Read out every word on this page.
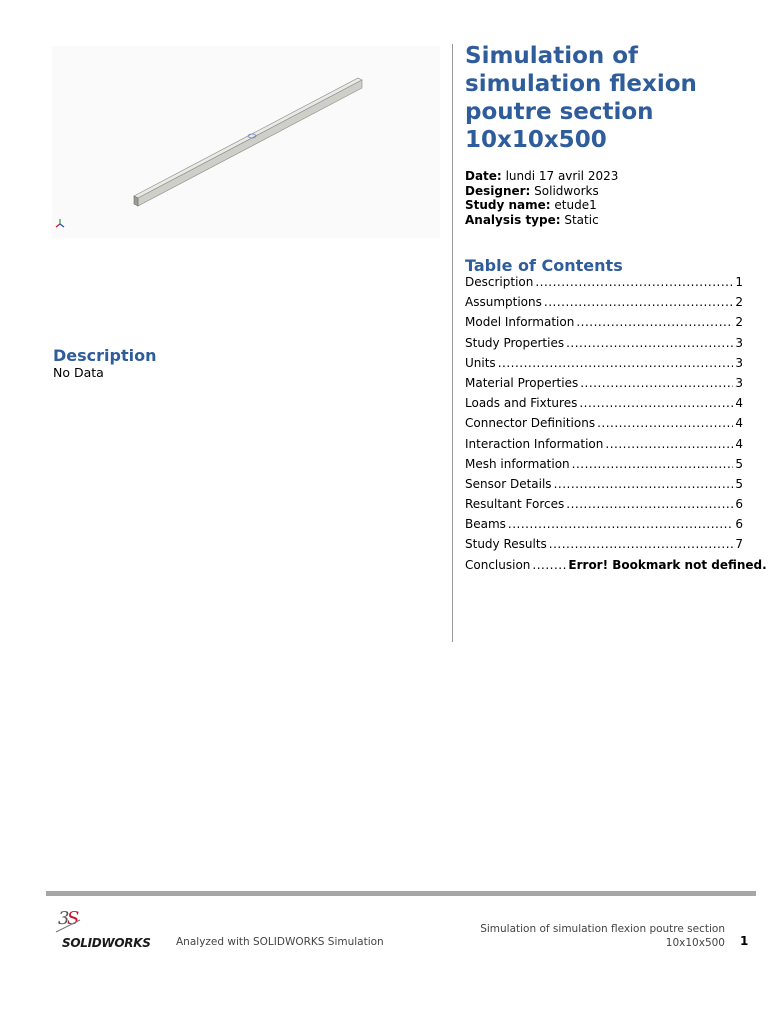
Simulation of simulation flexion poutre section 10x10x500
Date: lundi 17 avril 2023
Designer: Solidworks
Study name: etude1
Analysis type: Static
Table of Contents
Description .....	1
Assumptions .....	2
Model Information .....	2
Study Properties .....	3
Units .....	3
Material Properties .....	3
Loads and Fixtures .....	4
Connector Definitions .....	4
Interaction Information .....	4
Mesh information .....	5
Sensor Details .....	5
Resultant Forces .....	6
Beams .....	6
Study Results .....	7
Conclusion .....	Error! Bookmark not defined.
Description
No Data
3
S
SOLIDWORKS Analyzed with SOLIDWORKS Simulation
Simulation of simulation flexion poutre section 10x10x500 1
